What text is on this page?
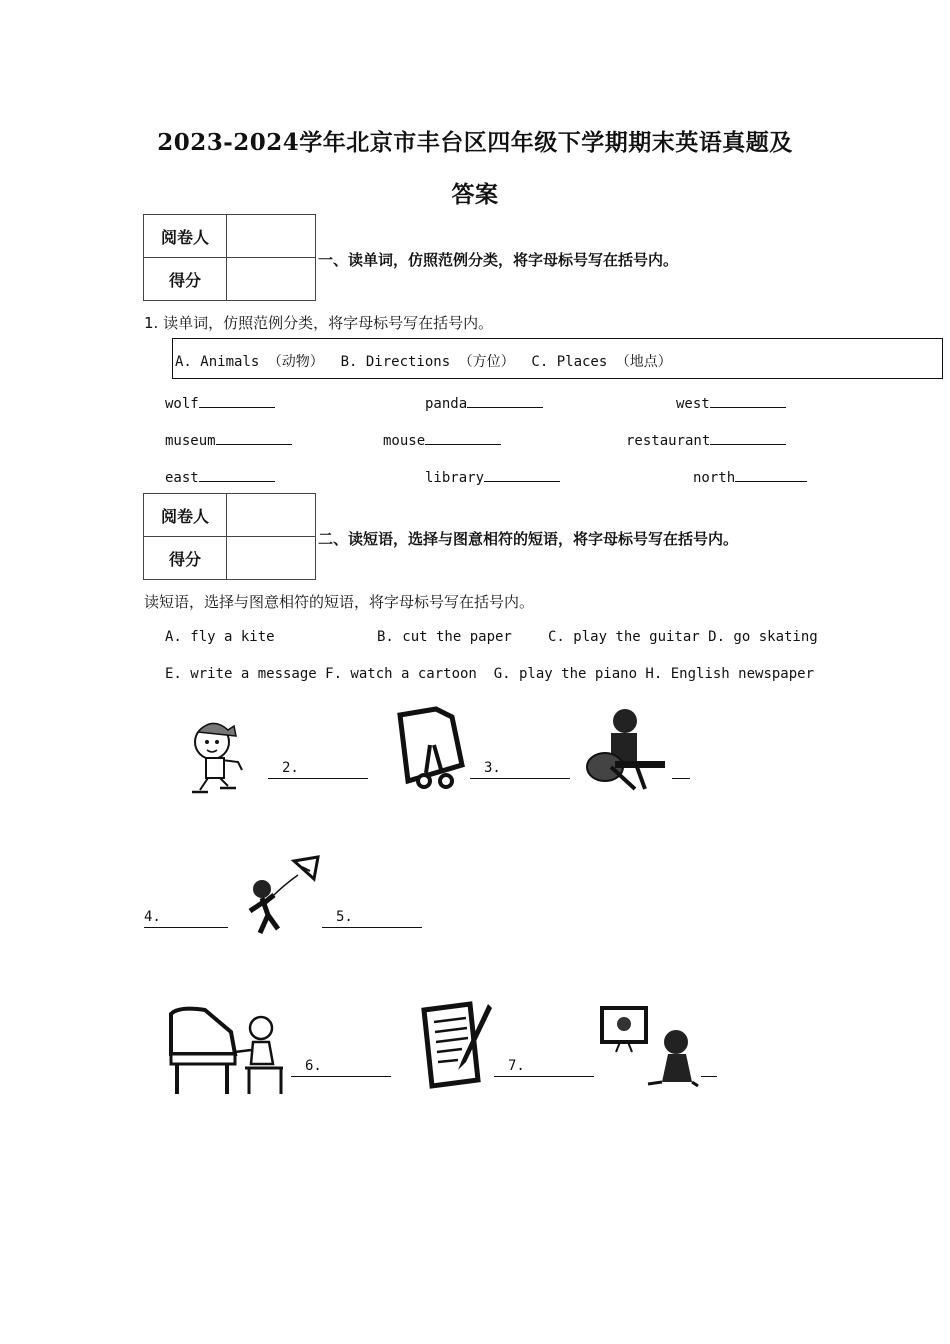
2023-2024学年北京市丰台区四年级下学期期末英语真题及
答案
阅卷人	
得分	
一、读单词，仿照范例分类，将字母标号写在括号内。
1. 读单词，仿照范例分类，将字母标号写在括号内。
A. Animals （动物）  B. Directions （方位）  C. Places （地点）
wolf	panda	west
museum	mouse	restaurant
east	library	north
阅卷人	
得分	
二、读短语，选择与图意相符的短语，将字母标号写在括号内。
读短语，选择与图意相符的短语，将字母标号写在括号内。
A. fly a kite	B. cut the paper	C. play the guitar D. go skating
E. write a message F. watch a cartoon  G. play the piano H. English newspaper
2.	3.
4.	5.
6.	7.
